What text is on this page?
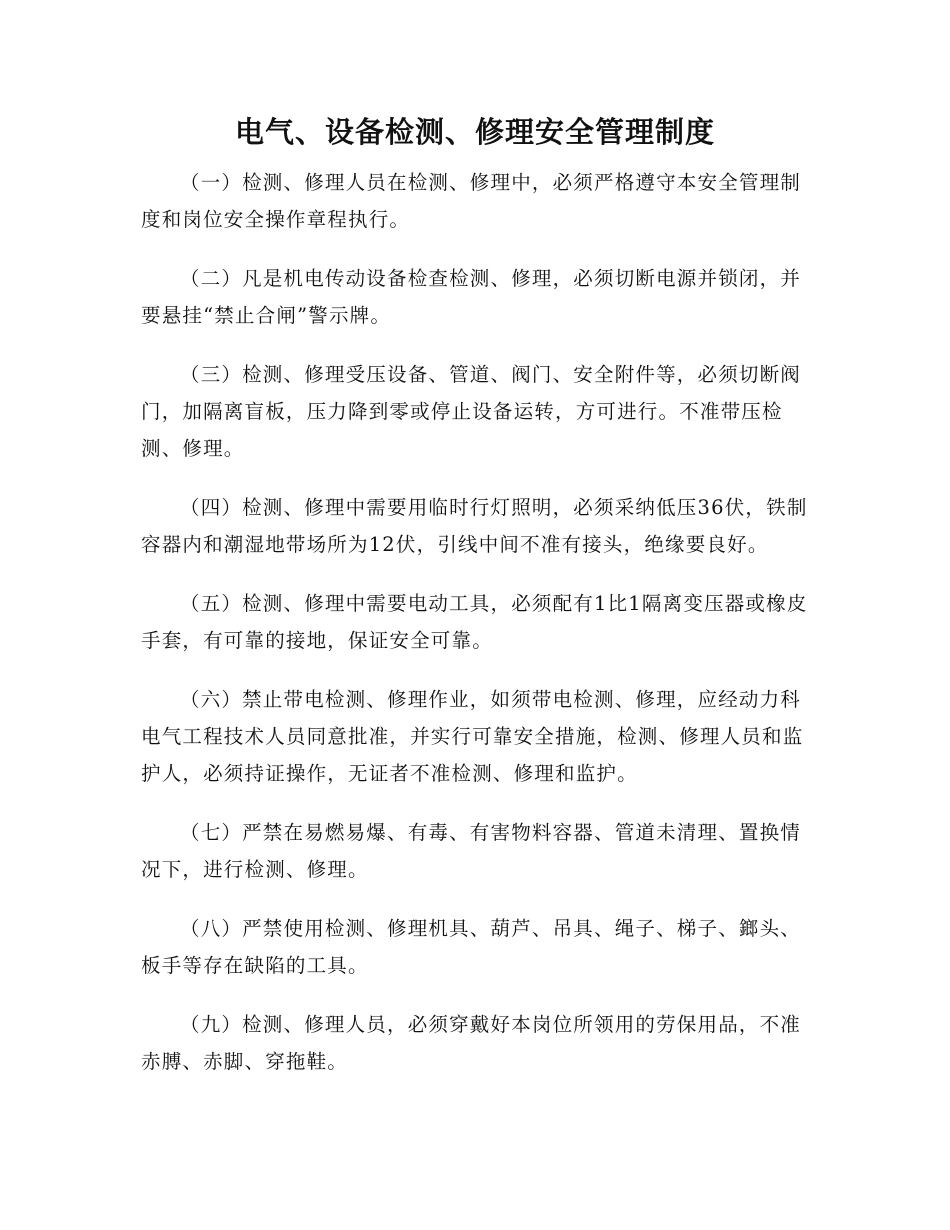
电气、设备检测、修理安全管理制度

（一）检测、修理人员在检测、修理中，必须严格遵守本安全管理制度和岗位安全操作章程执行。

（二）凡是机电传动设备检查检测、修理，必须切断电源并锁闭，并要悬挂“禁止合闸”警示牌。

（三）检测、修理受压设备、管道、阀门、安全附件等，必须切断阀门，加隔离盲板，压力降到零或停止设备运转，方可进行。不准带压检测、修理。

（四）检测、修理中需要用临时行灯照明，必须采纳低压36伏，铁制容器内和潮湿地带场所为12伏，引线中间不准有接头，绝缘要良好。

（五）检测、修理中需要电动工具，必须配有1比1隔离变压器或橡皮手套，有可靠的接地，保证安全可靠。

（六）禁止带电检测、修理作业，如须带电检测、修理，应经动力科电气工程技术人员同意批准，并实行可靠安全措施，检测、修理人员和监护人，必须持证操作，无证者不准检测、修理和监护。

（七）严禁在易燃易爆、有毒、有害物料容器、管道未清理、置换情况下，进行检测、修理。

（八）严禁使用检测、修理机具、葫芦、吊具、绳子、梯子、鎯头、板手等存在缺陷的工具。

（九）检测、修理人员，必须穿戴好本岗位所领用的劳保用品，不准赤膊、赤脚、穿拖鞋。
